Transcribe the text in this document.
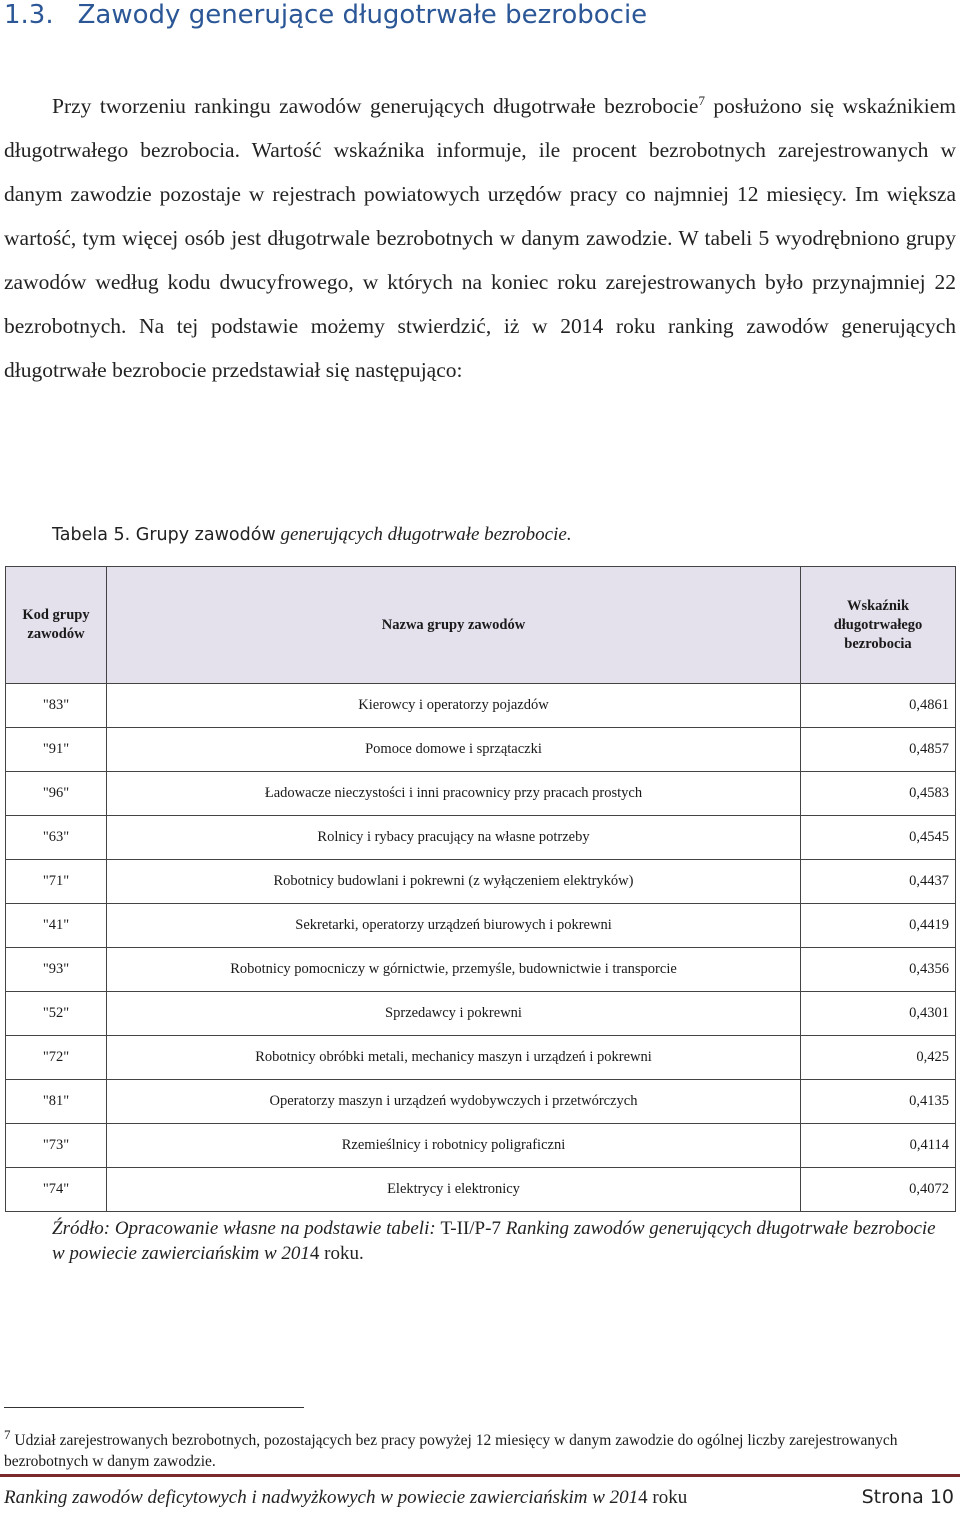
1.3. Zawody generujące długotrwałe bezrobocie
Przy tworzeniu rankingu zawodów generujących długotrwałe bezrobocie$^7$ posłużono się wskaźnikiem długotrwałego bezrobocia. Wartość wskaźnika informuje, ile procent bezrobotnych zarejestrowanych w danym zawodzie pozostaje w rejestrach powiatowych urzędów pracy co najmniej 12 miesięcy. Im większa wartość, tym więcej osób jest długotrwale bezrobotnych w danym zawodzie. W tabeli 5 wyodrębniono grupy zawodów według kodu dwucyfrowego, w których na koniec roku zarejestrowanych było przynajmniej 22 bezrobotnych. Na tej podstawie możemy stwierdzić, iż w 2014 roku ranking zawodów generujących długotrwałe bezrobocie przedstawiał się następująco:
Tabela 5. Grupy zawodów generujących długotrwałe bezrobocie.
Kod grupy zawodów	Nazwa grupy zawodów	Wskaźnik długotrwałego bezrobocia
"83"	Kierowcy i operatorzy pojazdów	0,4861
"91"	Pomoce domowe i sprzątaczki	0,4857
"96"	Ładowacze nieczystości i inni pracownicy przy pracach prostych	0,4583
"63"	Rolnicy i rybacy pracujący na własne potrzeby	0,4545
"71"	Robotnicy budowlani i pokrewni (z wyłączeniem elektryków)	0,4437
"41"	Sekretarki, operatorzy urządzeń biurowych i pokrewni	0,4419
"93"	Robotnicy pomocniczy w górnictwie, przemyśle, budownictwie i transporcie	0,4356
"52"	Sprzedawcy i pokrewni	0,4301
"72"	Robotnicy obróbki metali, mechanicy maszyn i urządzeń i pokrewni	0,425
"81"	Operatorzy maszyn i urządzeń wydobywczych i przetwórczych	0,4135
"73"	Rzemieślnicy i robotnicy poligraficzni	0,4114
"74"	Elektrycy i elektronicy	0,4072
Źródło: Opracowanie własne na podstawie tabeli: T-II/P-7 Ranking zawodów generujących długotrwałe bezrobocie w powiecie zawierciańskim w 2014 roku.
$^7$ Udział zarejestrowanych bezrobotnych, pozostających bez pracy powyżej 12 miesięcy w danym zawodzie do ogólnej liczby zarejestrowanych bezrobotnych w danym zawodzie.
Ranking zawodów deficytowych i nadwyżkowych w powiecie zawierciańskim w 2014 roku	Strona 10
